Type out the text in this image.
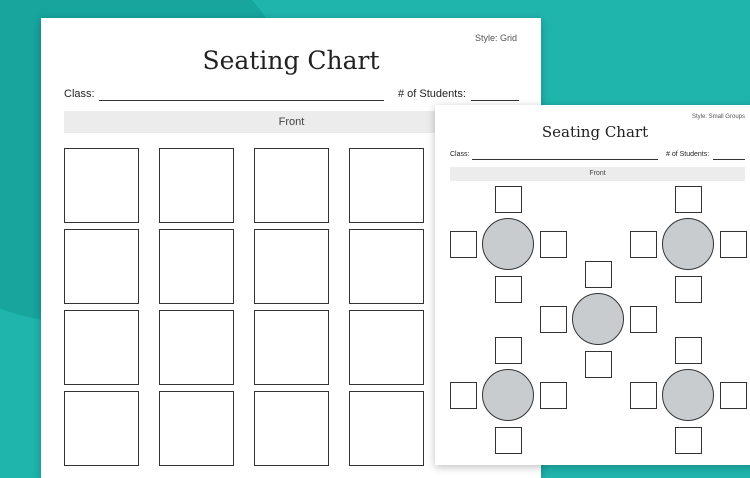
Style: Grid
Seating Chart
Class:	# of Students:
Front	Style: Small Groups
Seating Chart
Class:	# of Students:
Front
